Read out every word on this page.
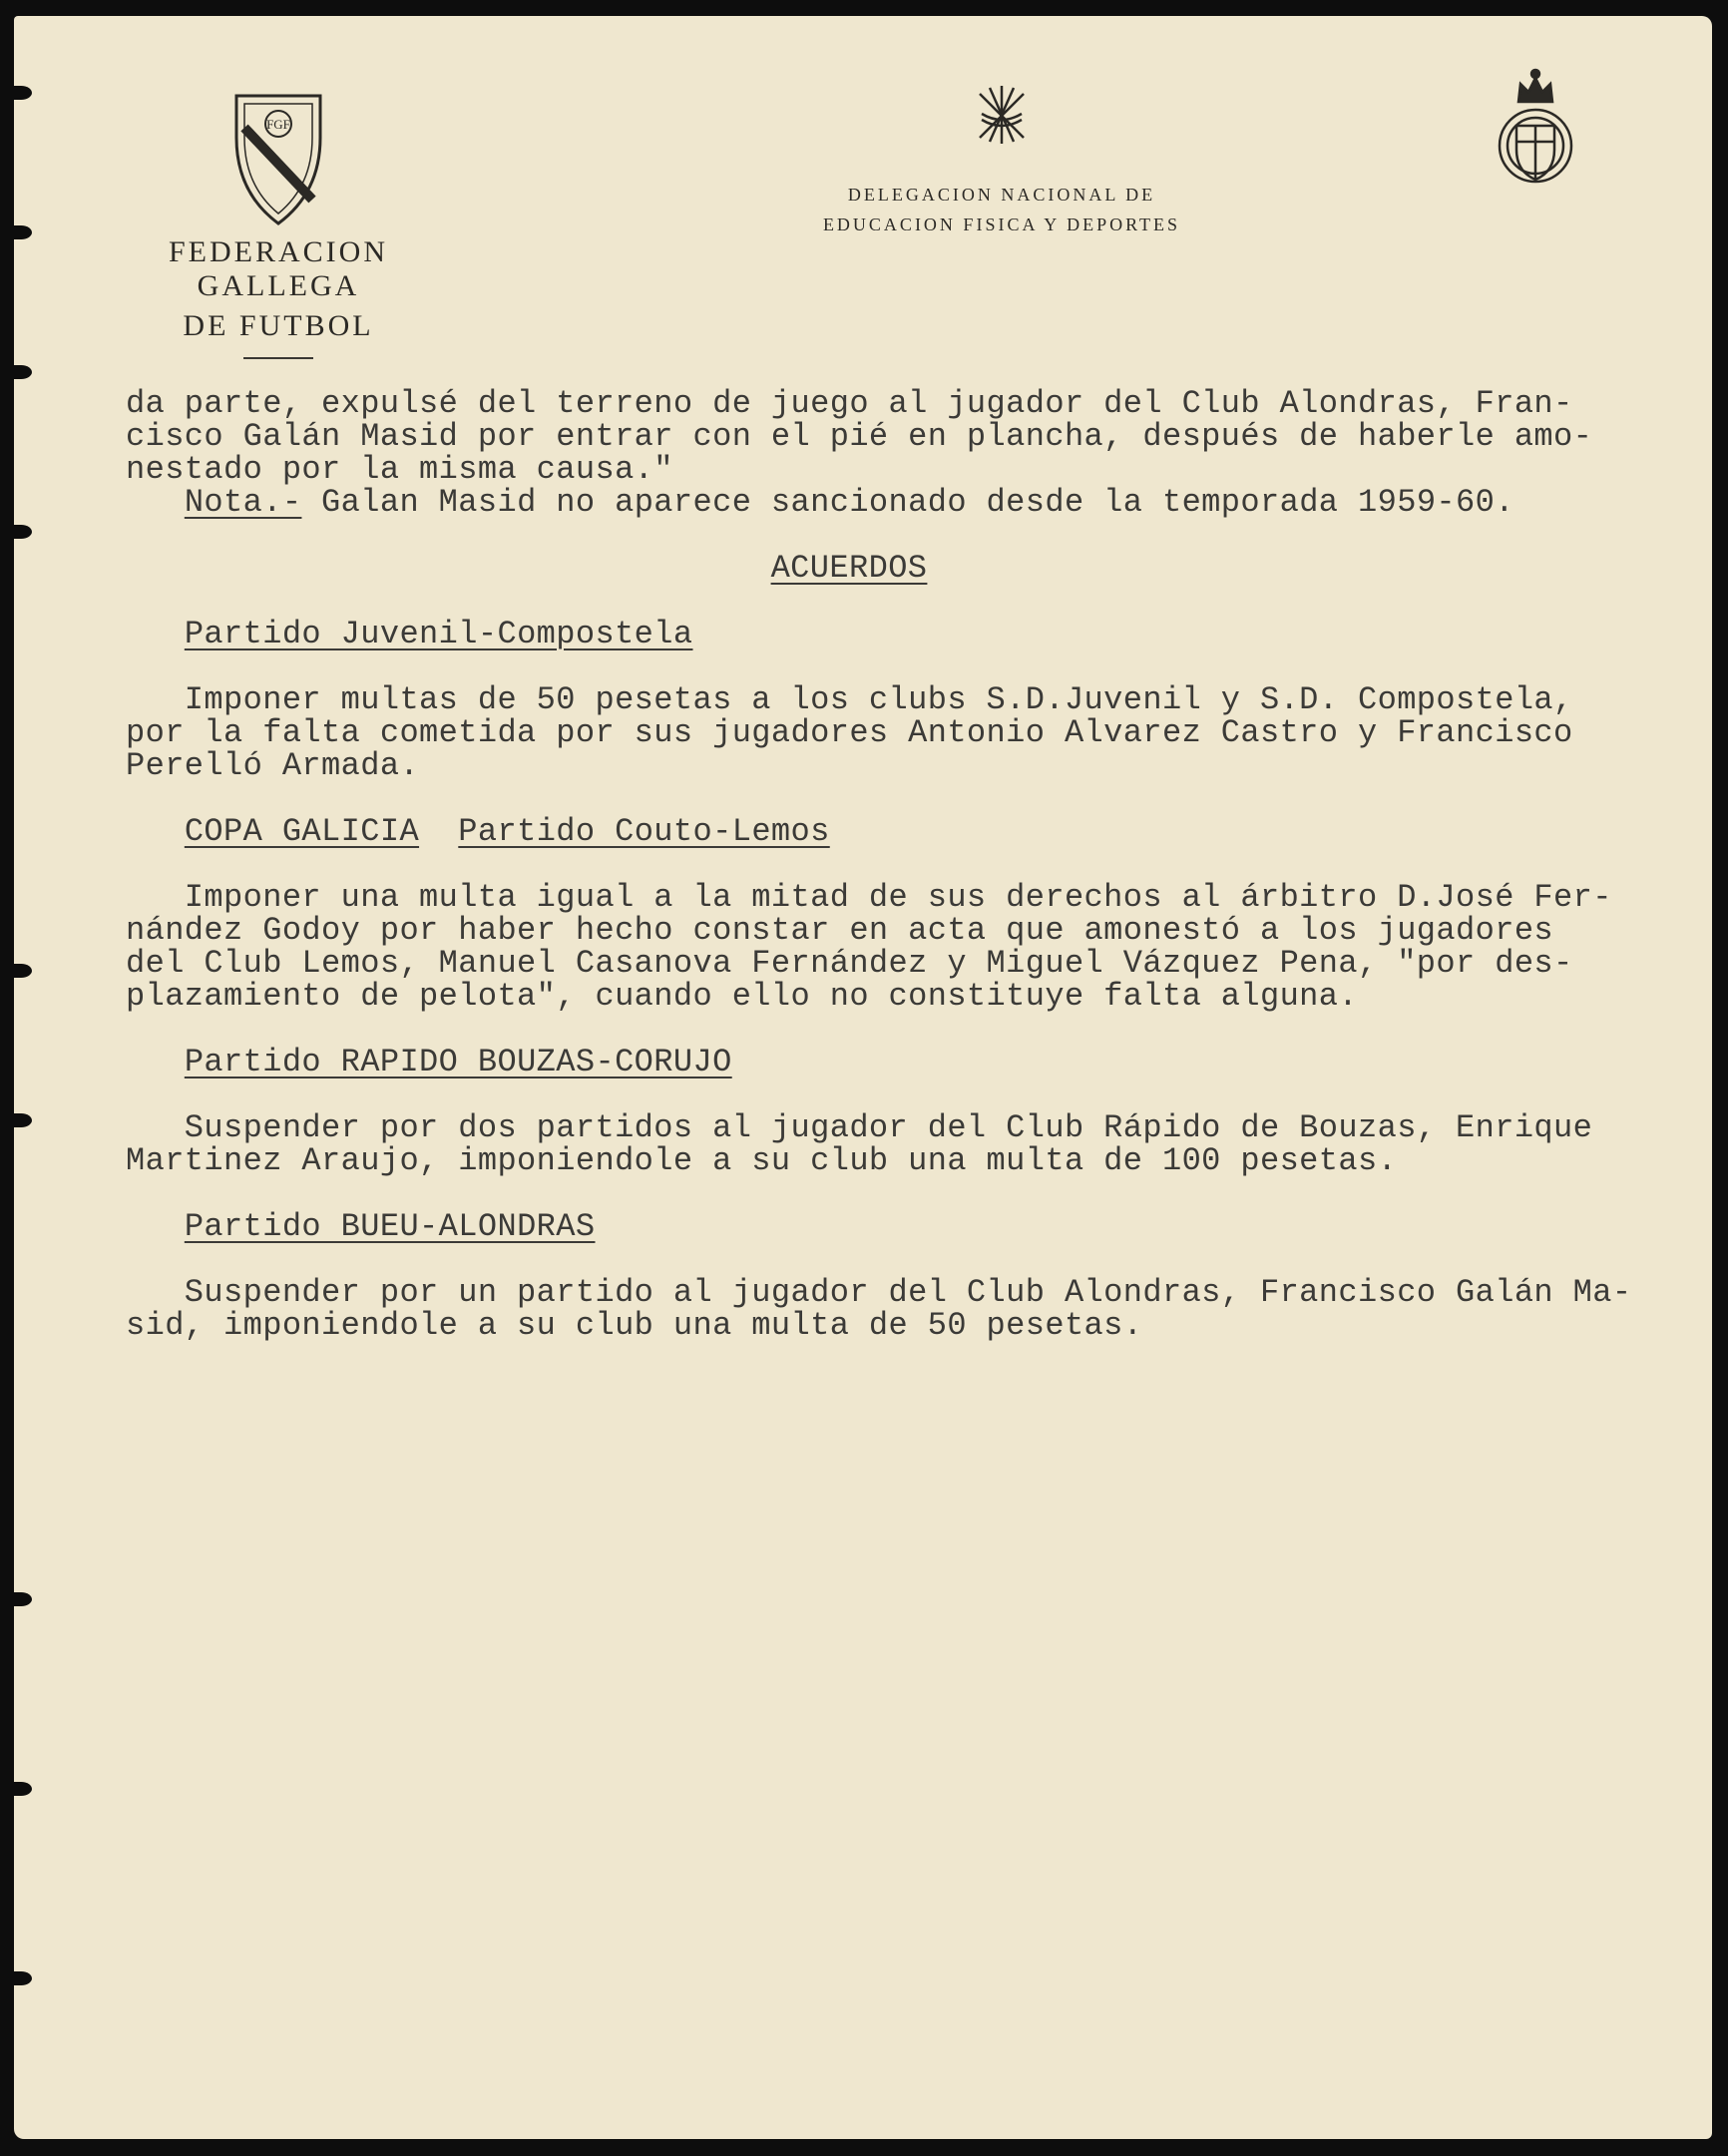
FGF
FEDERACION GALLEGA
DE FUTBOL
DELEGACION NACIONAL DE
EDUCACION FISICA Y DEPORTES

da parte, expulsé del terreno de juego al jugador del Club Alondras, Fran-

cisco Galán Masid por entrar con el pié en plancha, después de haberle amo-

nestado por la misma causa."

Nota.- Galan Masid no aparece sancionado desde la temporada 1959-60.

ACUERDOS

Partido Juvenil-Compostela

Imponer multas de 50 pesetas a los clubs S.D.Juvenil y S.D. Compostela,

por la falta cometida por sus jugadores Antonio Alvarez Castro y Francisco

Perelló Armada.

COPA GALICIA Partido Couto-Lemos

Imponer una multa igual a la mitad de sus derechos al árbitro D.José Fer-

nández Godoy por haber hecho constar en acta que amonestó a los jugadores

del Club Lemos, Manuel Casanova Fernández y Miguel Vázquez Pena, "por des-

plazamiento de pelota", cuando ello no constituye falta alguna.

Partido RAPIDO BOUZAS-CORUJO

Suspender por dos partidos al jugador del Club Rápido de Bouzas, Enrique

Martinez Araujo, imponiendole a su club una multa de 100 pesetas.

Partido BUEU-ALONDRAS

Suspender por un partido al jugador del Club Alondras, Francisco Galán Ma-

sid, imponiendole a su club una multa de 50 pesetas.
